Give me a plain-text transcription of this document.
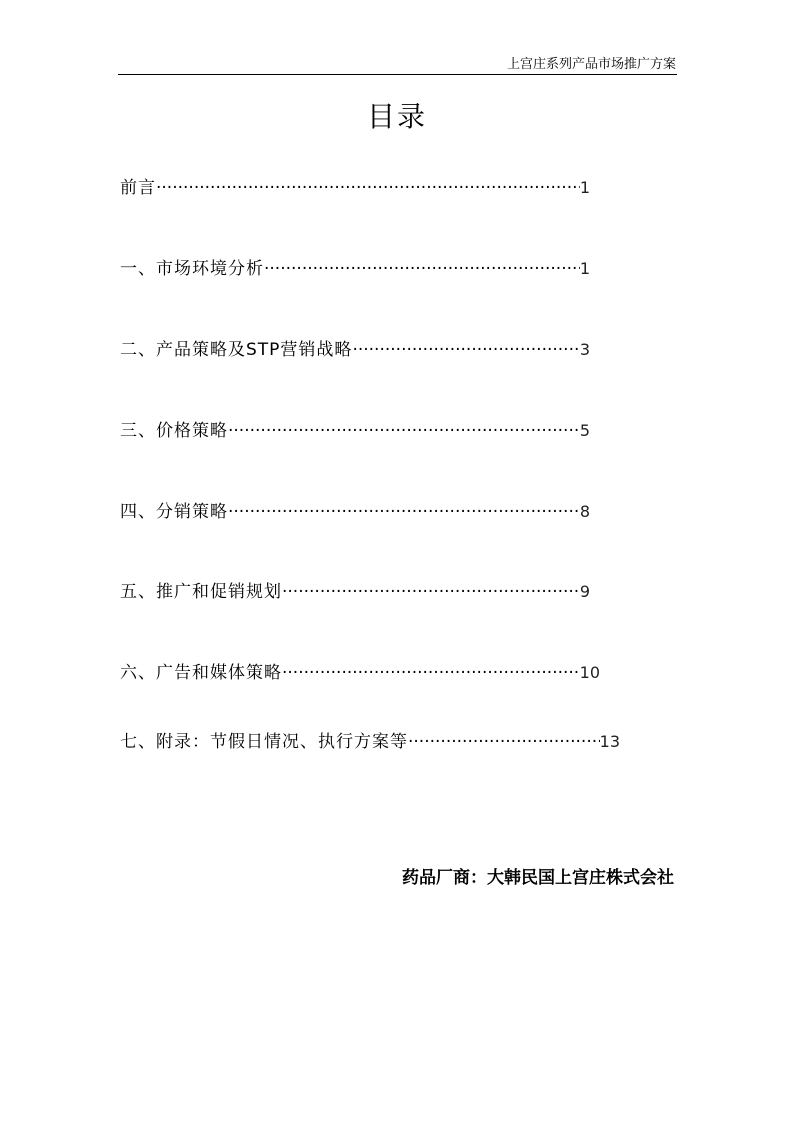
上宫庄系列产品市场推广方案
目录
前言 ·····	1
一、市场环境分析 ·····	1
二、产品策略及STP营销战略 ·····	3
三、价格策略 ·····	5
四、分销策略 ·····	8
五、推广和促销规划 ·····	9
六、广告和媒体策略 ·····	10
七、附录：节假日情况、执行方案等 ·····	13
药品厂商：大韩民国上宫庄株式会社
